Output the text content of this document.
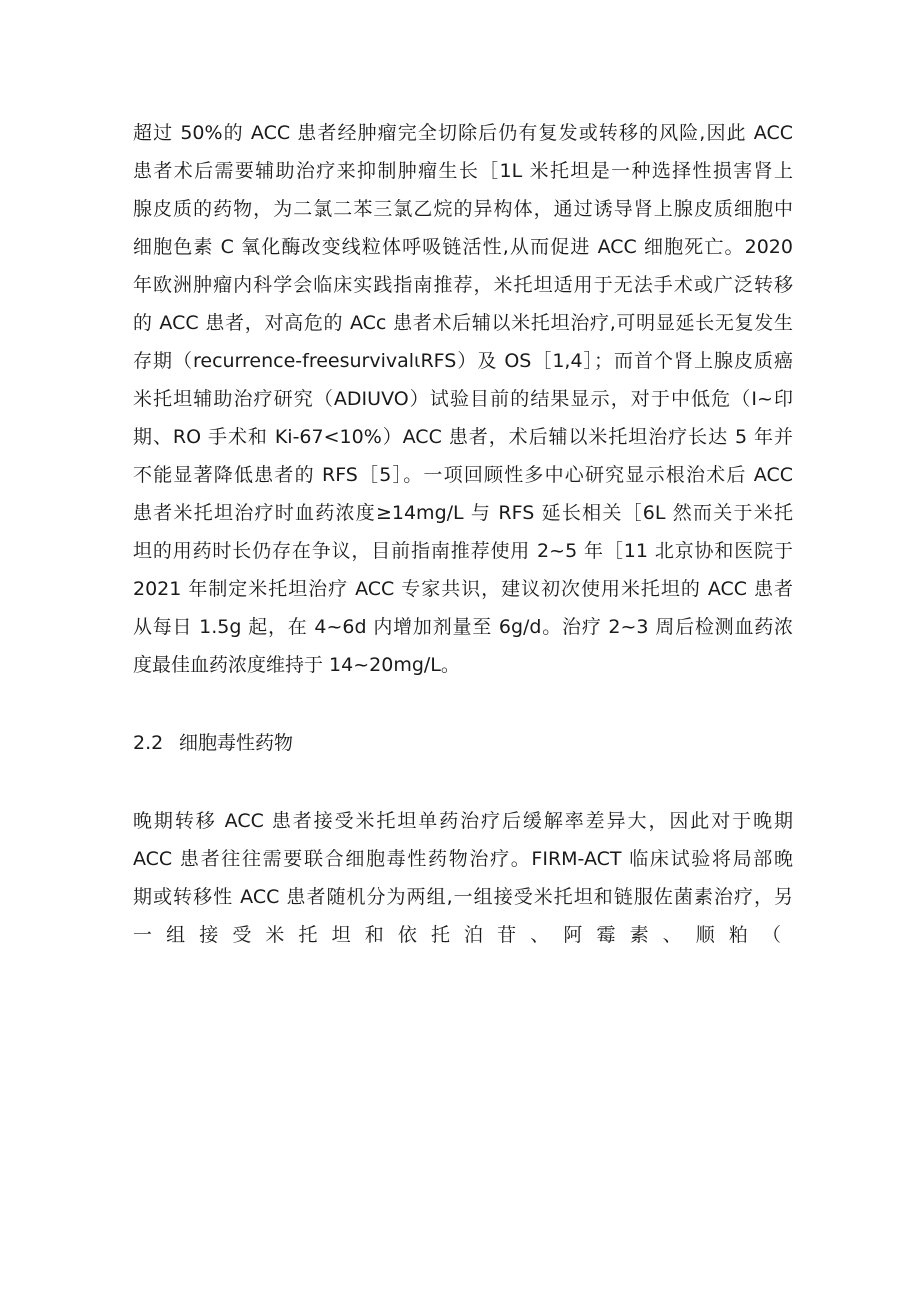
超过 50%的 ACC 患者经肿瘤完全切除后仍有复发或转移的风险,因此 ACC
患者术后需要辅助治疗来抑制肿瘤生长［1L 米托坦是一种选择性损害肾上
腺皮质的药物，为二氯二苯三氯乙烷的异构体，通过诱导肾上腺皮质细胞中
细胞色素 C 氧化酶改变线粒体呼吸链活性,从而促进 ACC 细胞死亡。2020
年欧洲肿瘤内科学会临床实践指南推荐，米托坦适用于无法手术或广泛转移
的 ACC 患者，对高危的 ACc 患者术后辅以米托坦治疗,可明显延长无复发生
存期（recurrence-freesurvivalιRFS）及 OS［1,4］；而首个肾上腺皮质癌
米托坦辅助治疗研究（ADIUVO）试验目前的结果显示，对于中低危（I~印
期、RO 手术和 Ki-67<10%）ACC 患者，术后辅以米托坦治疗长达 5 年并
不能显著降低患者的 RFS［5］。一项回顾性多中心研究显示根治术后 ACC
患者米托坦治疗时血药浓度≥14mg/L 与 RFS 延长相关［6L 然而关于米托
坦的用药时长仍存在争议，目前指南推荐使用 2~5 年［11 北京协和医院于
2021 年制定米托坦治疗 ACC 专家共识，建议初次使用米托坦的 ACC 患者
从每日 1.5g 起，在 4~6d 内增加剂量至 6g/d。治疗 2~3 周后检测血药浓
度最佳血药浓度维持于 14~20mg∕L。
2.2 细胞毒性药物
晚期转移 ACC 患者接受米托坦单药治疗后缓解率差异大，因此对于晚期
ACC 患者往往需要联合细胞毒性药物治疗。FIRM-ACT 临床试验将局部晚
期或转移性 ACC 患者随机分为两组,一组接受米托坦和链服佐菌素治疗，另
一组接受米托坦和依托泊苷、阿霉素、顺粕（
